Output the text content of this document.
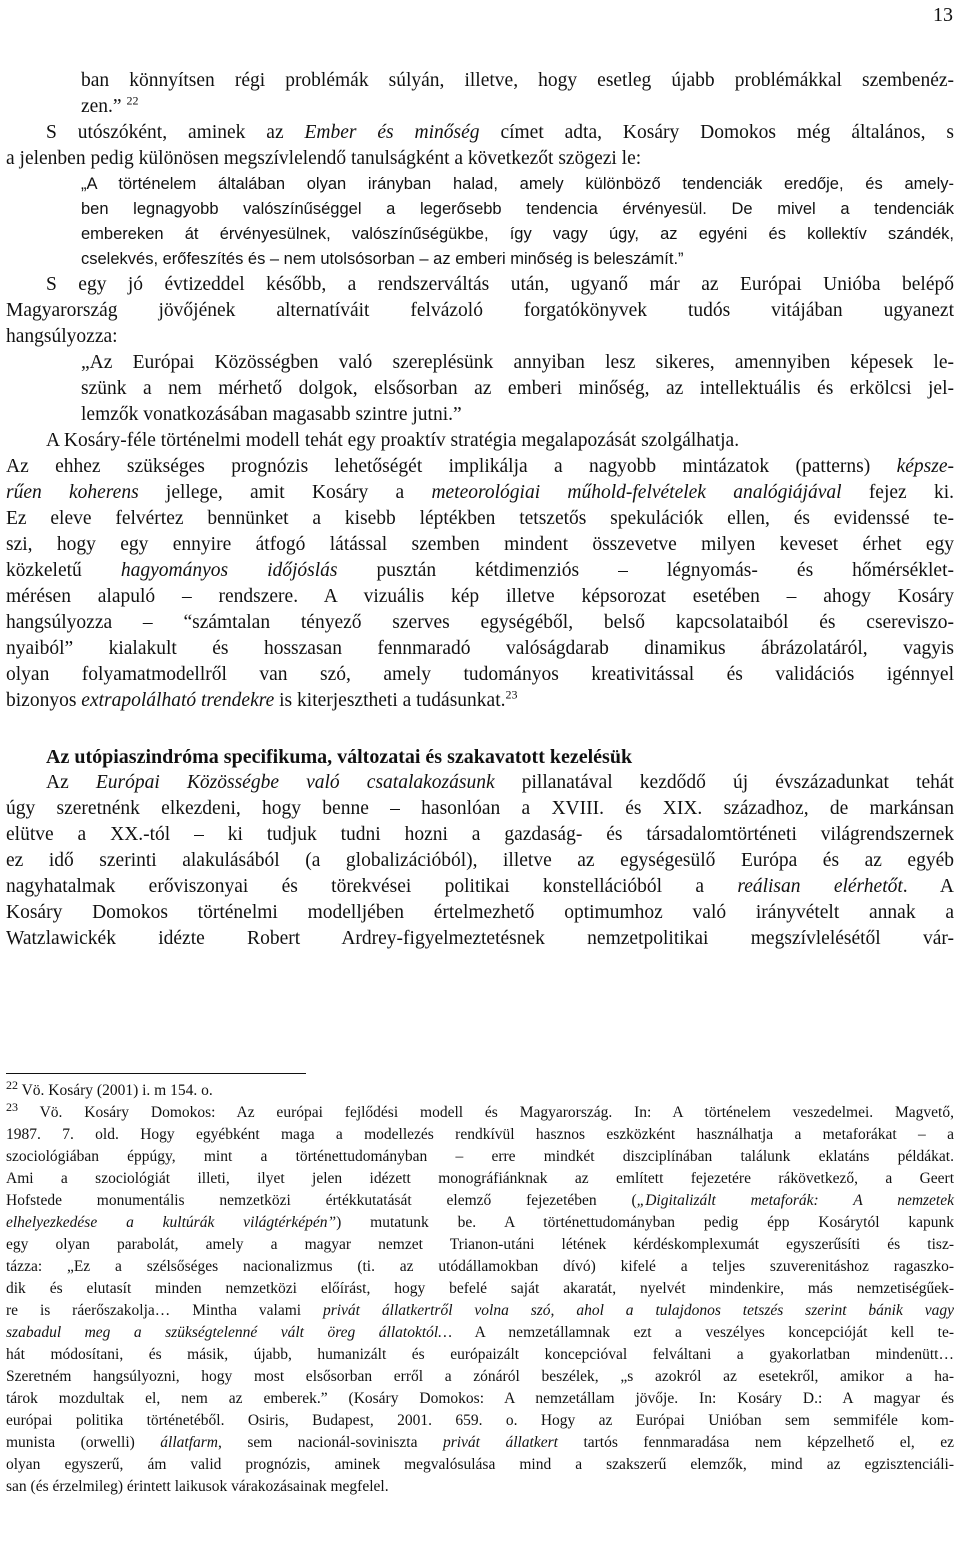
13
ban könnyítsen régi problémák súlyán, illetve, hogy esetleg újabb problémákkal szembenéz-
zen.” $^{22}$
S utószóként, aminek az Ember és minőség címet adta, Kosáry Domokos még általános, s
a jelenben pedig különösen megszívlelendő tanulságként a következőt szögezi le:
„A történelem általában olyan irányban halad, amely különböző tendenciák eredője, és amely-
ben legnagyobb valószínűséggel a legerősebb tendencia érvényesül. De mivel a tendenciák
embereken át érvényesülnek, valószínűségükbe, így vagy úgy, az egyéni és kollektív szándék,
cselekvés, erőfeszítés és – nem utolsósorban – az emberi minőség is beleszámít.”
S egy jó évtizeddel később, a rendszerváltás után, ugyanő már az Európai Unióba belépő
Magyarország jövőjének alternatíváit felvázoló forgatókönyvek tudós vitájában ugyanezt
hangsúlyozza:
„Az Európai Közösségben való szereplésünk annyiban lesz sikeres, amennyiben képesek le-
szünk a nem mérhető dolgok, elsősorban az emberi minőség, az intellektuális és erkölcsi jel-
lemzők vonatkozásában magasabb szintre jutni.”
A Kosáry-féle történelmi modell tehát egy proaktív stratégia megalapozását szolgálhatja.
Az ehhez szükséges prognózis lehetőségét implikálja a nagyobb mintázatok (patterns) képsze-
rűen koherens jellege, amit Kosáry a meteorológiai műhold-felvételek analógiájával fejez ki.
Ez eleve felvértez bennünket a kisebb léptékben tetszetős spekulációk ellen, és evidenssé te-
szi, hogy egy ennyire átfogó látással szemben mindent összevetve milyen keveset érhet egy
közkeletű hagyományos időjóslás pusztán kétdimenziós – légnyomás- és hőmérséklet-
mérésen alapuló – rendszere. A vizuális kép illetve képsorozat esetében – ahogy Kosáry
hangsúlyozza – “számtalan tényező szerves egységéből, belső kapcsolataiból és csereviszo-
nyaiból” kialakult és hosszasan fennmaradó valóságdarab dinamikus ábrázolatáról, vagyis
olyan folyamatmodellről van szó, amely tudományos kreativitással és validációs igénnyel
bizonyos extrapolálható trendekre is kiterjesztheti a tudásunkat.$^{23}$
Az utópiaszindróma specifikuma, változatai és szakavatott kezelésük
Az Európai Közösségbe való csatalakozásunk pillanatával kezdődő új évszázadunkat tehát
úgy szeretnénk elkezdeni, hogy benne – hasonlóan a XVIII. és XIX. századhoz, de markánsan
elütve a XX.-tól – ki tudjuk tudni hozni a gazdaság- és társadalomtörténeti világrendszernek
ez idő szerinti alakulásából (a globalizációból), illetve az egységesülő Európa és az egyéb
nagyhatalmak erőviszonyai és törekvései politikai konstellációból a reálisan elérhetőt. A
Kosáry Domokos történelmi modelljében értelmezhető optimumhoz való irányvételt annak a
Watzlawickék idézte Robert Ardrey-figyelmeztetésnek nemzetpolitikai megszívlelésétől vár-
$^{22}$ Vö. Kosáry (2001) i. m 154. o.
$^{23}$ Vö. Kosáry Domokos: Az európai fejlődési modell és Magyarország. In: A történelem veszedelmei. Magvető,
1987. 7. old. Hogy egyébként maga a modellezés rendkívül hasznos eszközként használhatja a metaforákat – a
szociológiában éppúgy, mint a történettudományban – erre mindkét diszciplínában találunk eklatáns példákat.
Ami a szociológiát illeti, ilyet jelen idézett monográfiánknak az említett fejezetére rákövetkező, a Geert
Hofstede monumentális nemzetközi értékkutatását elemző fejezetében („Digitalizált metaforák: A nemzetek
elhelyezkedése a kultúrák világtérképén”) mutatunk be. A történettudományban pedig épp Kosárytól kapunk
egy olyan parabolát, amely a magyar nemzet Trianon-utáni létének kérdéskomplexumát egyszerűsíti és tisz-
tázza: „Ez a szélsőséges nacionalizmus (ti. az utódállamokban dívó) kifelé a teljes szuverenitáshoz ragaszko-
dik és elutasít minden nemzetközi előírást, hogy befelé saját akaratát, nyelvét mindenkire, más nemzetiségűek-
re is ráerőszakolja… Mintha valami privát állatkertről volna szó, ahol a tulajdonos tetszés szerint bánik vagy
szabadul meg a szükségtelenné vált öreg állatoktól… A nemzetállamnak ezt a veszélyes koncepcióját kell te-
hát módosítani, és másik, újabb, humanizált és európaizált koncepcióval felváltani a gyakorlatban mindenütt…
Szeretném hangsúlyozni, hogy most elsősorban erről a zónáról beszélek, „s azokról az esetekről, amikor a ha-
tárok mozdultak el, nem az emberek.” (Kosáry Domokos: A nemzetállam jövője. In: Kosáry D.: A magyar és
európai politika történetéből. Osiris, Budapest, 2001. 659. o. Hogy az Európai Unióban sem semmiféle kom-
munista (orwelli) állatfarm, sem nacionál-soviniszta privát állatkert tartós fennmaradása nem képzelhető el, ez
olyan egyszerű, ám valid prognózis, aminek megvalósulása mind a szakszerű elemzők, mind az egzisztenciáli-
san (és érzelmileg) érintett laikusok várakozásainak megfelel.
